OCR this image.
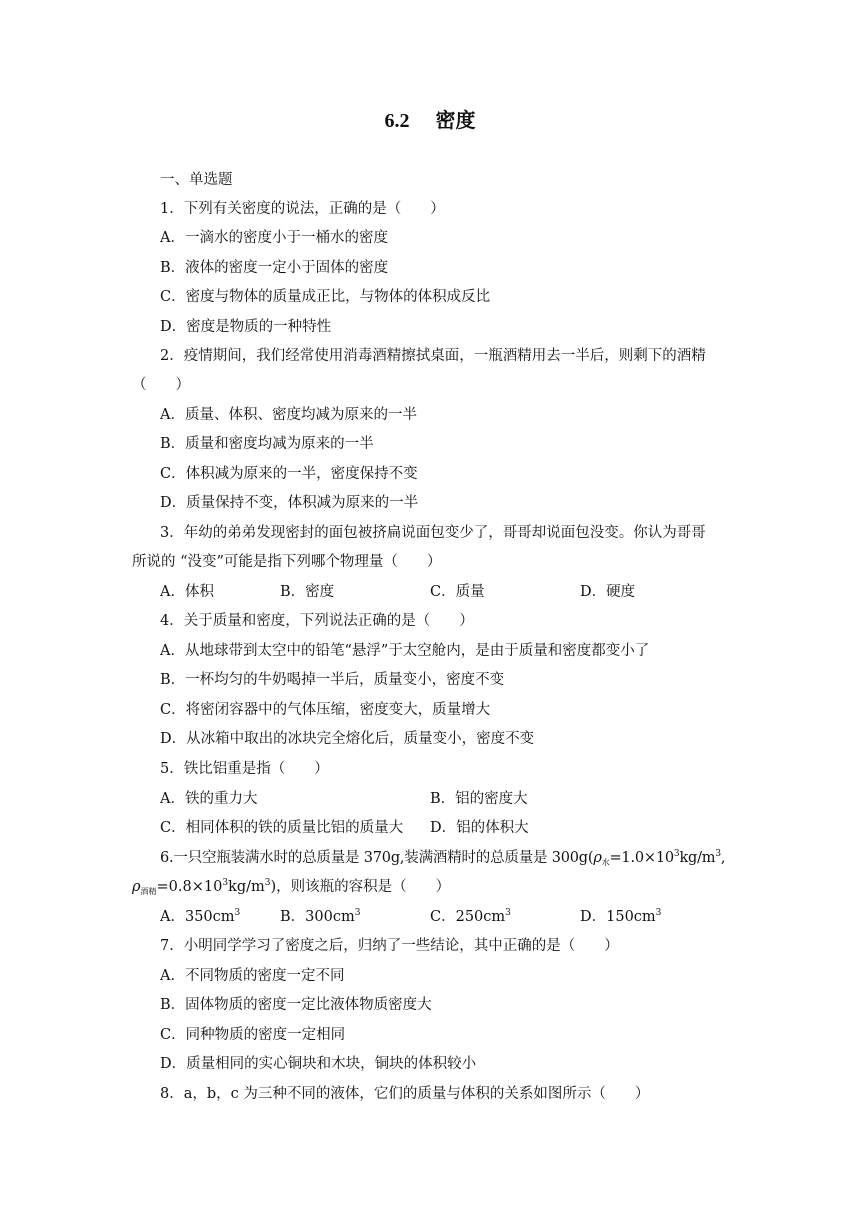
6.2 密度
一、单选题
1．下列有关密度的说法，正确的是（　　）
A．一滴水的密度小于一桶水的密度
B．液体的密度一定小于固体的密度
C．密度与物体的质量成正比，与物体的体积成反比
D．密度是物质的一种特性
2．疫情期间，我们经常使用消毒酒精擦拭桌面，一瓶酒精用去一半后，则剩下的酒精
（　　）
A．质量、体积、密度均减为原来的一半
B．质量和密度均减为原来的一半
C．体积减为原来的一半，密度保持不变
D．质量保持不变，体积减为原来的一半
3．年幼的弟弟发现密封的面包被挤扁说面包变少了，哥哥却说面包没变。你认为哥哥
所说的 “没变”可能是指下列哪个物理量（　　）
A．体积	B．密度	C．质量	D．硬度
4．关于质量和密度，下列说法正确的是（　　）
A．从地球带到太空中的铅笔“悬浮”于太空舱内，是由于质量和密度都变小了
B．一杯均匀的牛奶喝掉一半后，质量变小，密度不变
C．将密闭容器中的气体压缩，密度变大，质量增大
D．从冰箱中取出的冰块完全熔化后，质量变小，密度不变
5．铁比铝重是指（　　）
A．铁的重力大	B．铝的密度大
C．相同体积的铁的质量比铝的质量大 D．铝的体积大
6.一只空瓶装满水时的总质量是 370g,装满酒精时的总质量是 $300g(\rho_水=1.0\times 10^3kg/m^3$,
$\rho_{酒精}=0.8\times 10^3kg/m^3$)，则该瓶的容积是（　　）
A．$350cm^3$	B．$300cm^3$	C．$250cm^3$	D．$150cm^3$
7．小明同学学习了密度之后，归纳了一些结论，其中正确的是（　　）
A．不同物质的密度一定不同
B．固体物质的密度一定比液体物质密度大
C．同种物质的密度一定相同
D．质量相同的实心铜块和木块，铜块的体积较小
8．a，b，c 为三种不同的液体，它们的质量与体积的关系如图所示（　　）
